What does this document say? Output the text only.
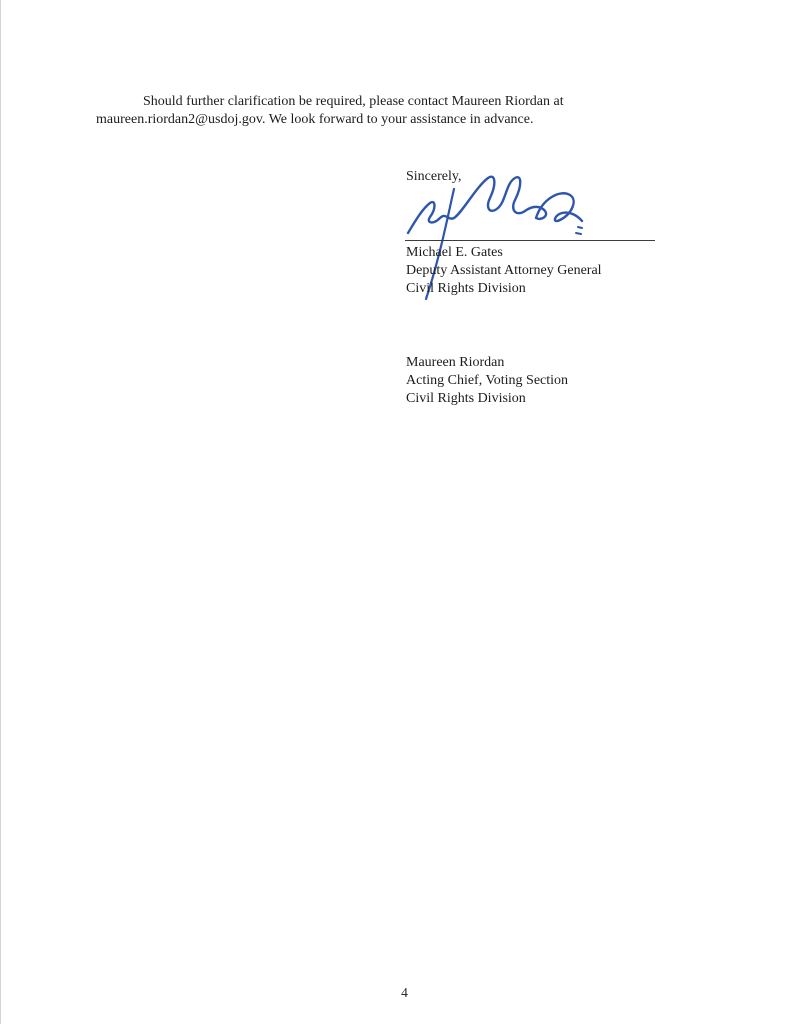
Should further clarification be required, please contact Maureen Riordan at maureen.riordan2@usdoj.gov. We look forward to your assistance in advance.

Sincerely,
Michael E. Gates
Deputy Assistant Attorney General
Civil Rights Division
Maureen Riordan
Acting Chief, Voting Section
Civil Rights Division
4
